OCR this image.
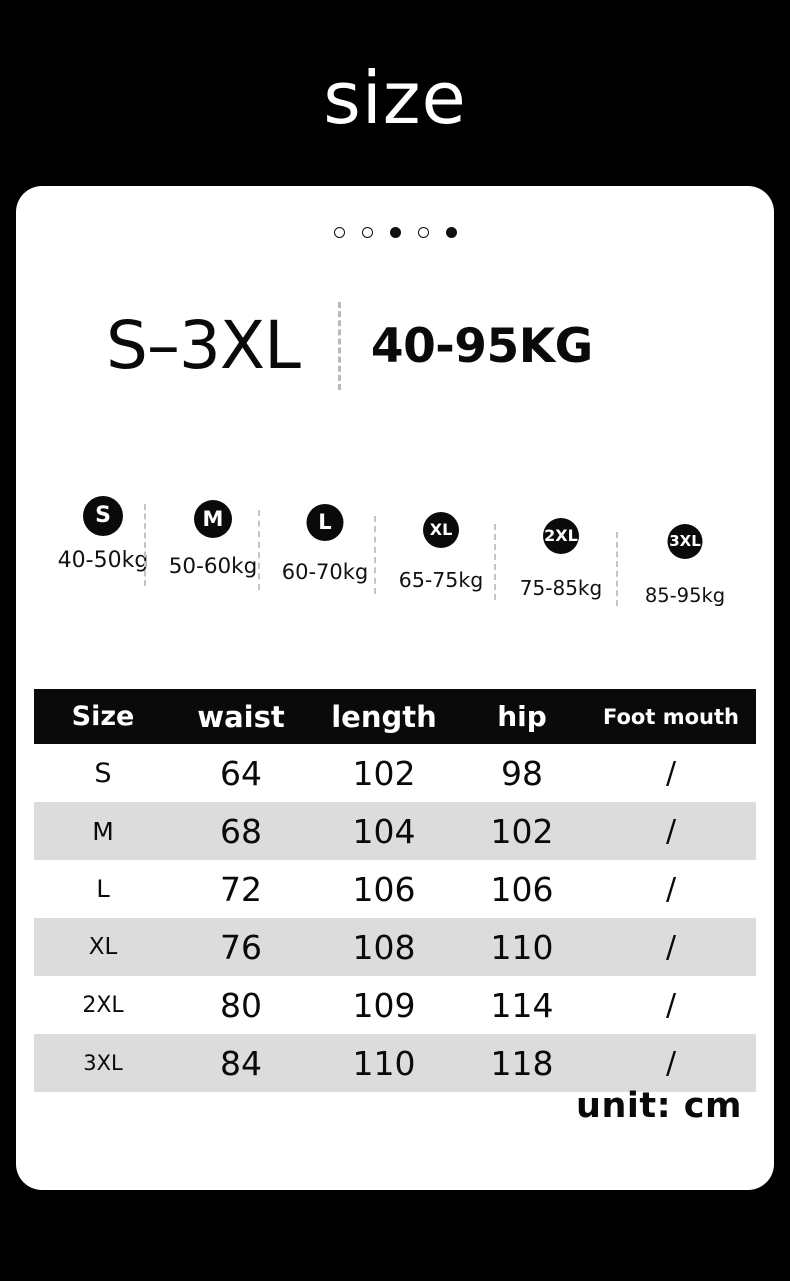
size
S–3XL 40-95KG
S
40-50kg
M
50-60kg
L
60-70kg
XL
65-75kg
2XL
75-85kg
3XL
85-95kg
Size	waist	length	hip	Foot mouth
S	64	102	98	/
M	68	104	102	/
L	72	106	106	/
XL	76	108	110	/
2XL	80	109	114	/
3XL	84	110	118	/
unit: cm
